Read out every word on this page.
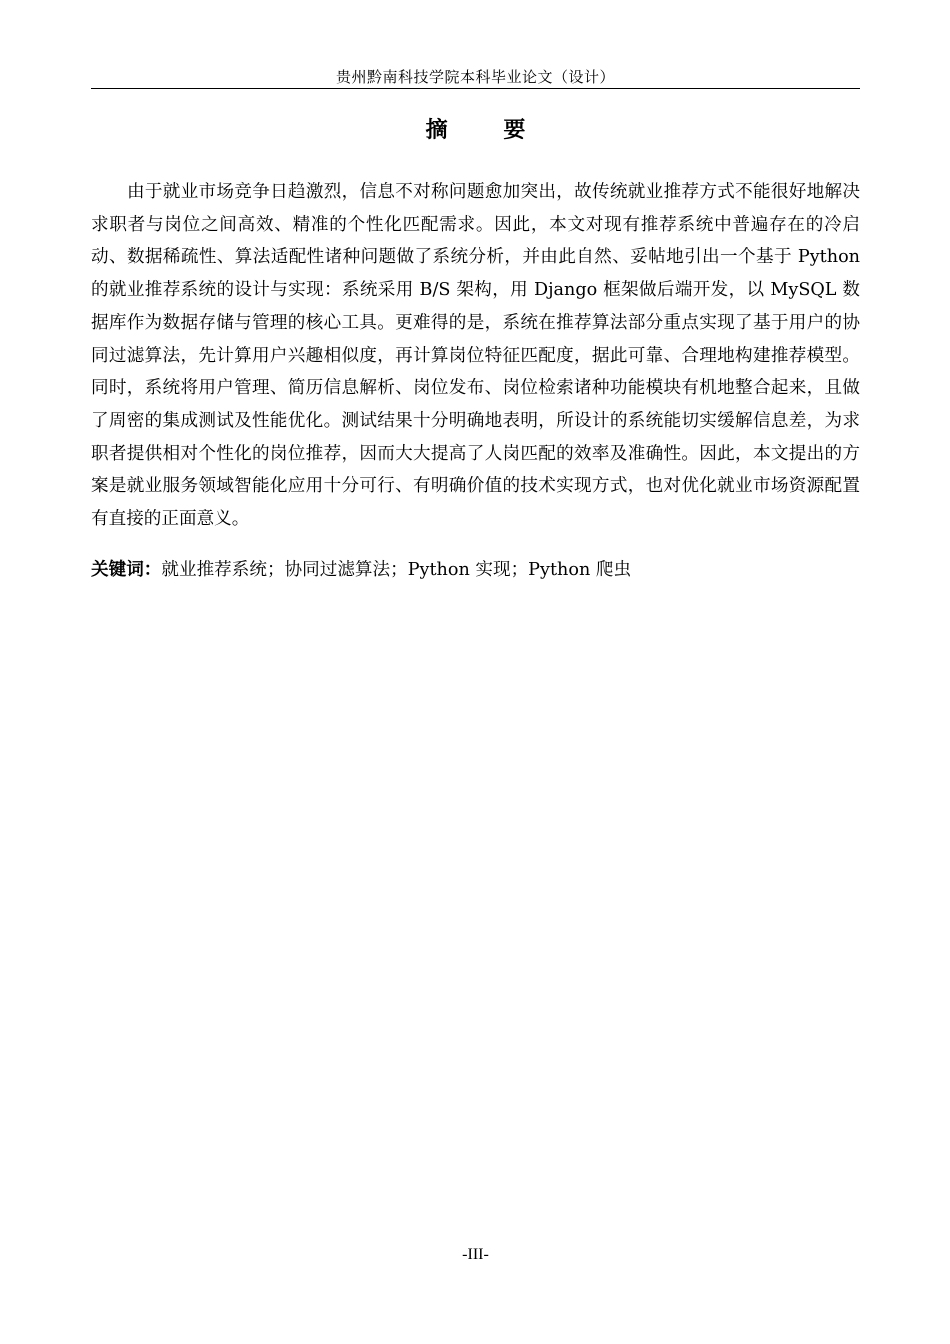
贵州黔南科技学院本科毕业论文（设计）
摘 要

由于就业市场竞争日趋激烈，信息不对称问题愈加突出，故传统就业推荐方式不能很好地解决求职者与岗位之间高效、精准的个性化匹配需求。因此，本文对现有推荐系统中普遍存在的冷启动、数据稀疏性、算法适配性诸种问题做了系统分析，并由此自然、妥帖地引出一个基于 Python 的就业推荐系统的设计与实现：系统采用 B/S 架构，用 Django 框架做后端开发，以 MySQL 数据库作为数据存储与管理的核心工具。更难得的是，系统在推荐算法部分重点实现了基于用户的协同过滤算法，先计算用户兴趣相似度，再计算岗位特征匹配度，据此可靠、合理地构建推荐模型。同时，系统将用户管理、简历信息解析、岗位发布、岗位检索诸种功能模块有机地整合起来，且做了周密的集成测试及性能优化。测试结果十分明确地表明，所设计的系统能切实缓解信息差，为求职者提供相对个性化的岗位推荐，因而大大提高了人岗匹配的效率及准确性。因此，本文提出的方案是就业服务领域智能化应用十分可行、有明确价值的技术实现方式，也对优化就业市场资源配置有直接的正面意义。

关键词：就业推荐系统；协同过滤算法；Python 实现；Python 爬虫
-III-
